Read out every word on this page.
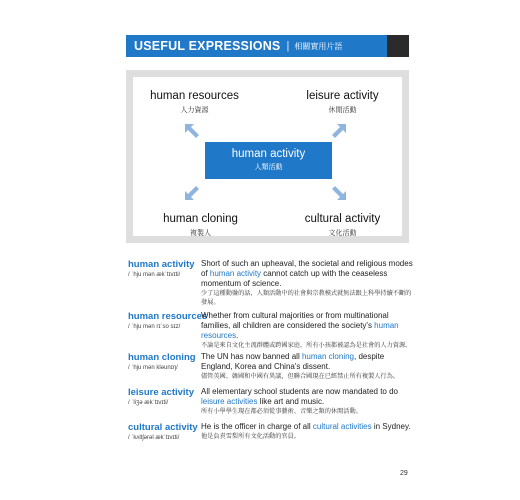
USEFUL EXPRESSIONS | 相關實用片語
human resources
人力資源
leisure activity
休閒活動
human cloning
複製人
cultural activity
文化活動
human activity
人類活動
human activity
/ ˈhju mən ækˈtɪvɪti/
Short of such an upheaval, the societal and religious modes of human activity cannot catch up with the ceaseless momentum of science.
少了這種動盪的話，人類活動中的社會與宗教模式就無法跟上科學持續不斷的發展。
human resources
/ ˈhju mən rɪˈso sɪz/
Whether from cultural majorities or from multinational families, all children are considered the society's human resources.
不論是來自文化主流群體或跨國家庭，所有小孩都被認為是社會的人力資源。
human cloning
/ ˈhju mən kləunɪŋ/
The UN has now banned all human cloning, despite England, Korea and China's dissent.
儘管英國、韓國和中國有異議，但聯合國現在已經禁止所有複製人行為。
leisure activity
/ ˈliʒə ækˈtɪvɪti/
All elementary school students are now mandated to do leisure activities like art and music.
所有小學學生現在都必須從事藝術、音樂之類的休閒活動。
cultural activity
/ ˈkʌltʃərəl ækˈtɪvɪti/
He is the officer in charge of all cultural activities in Sydney.
他是負責雪梨所有文化活動的官員。
29
